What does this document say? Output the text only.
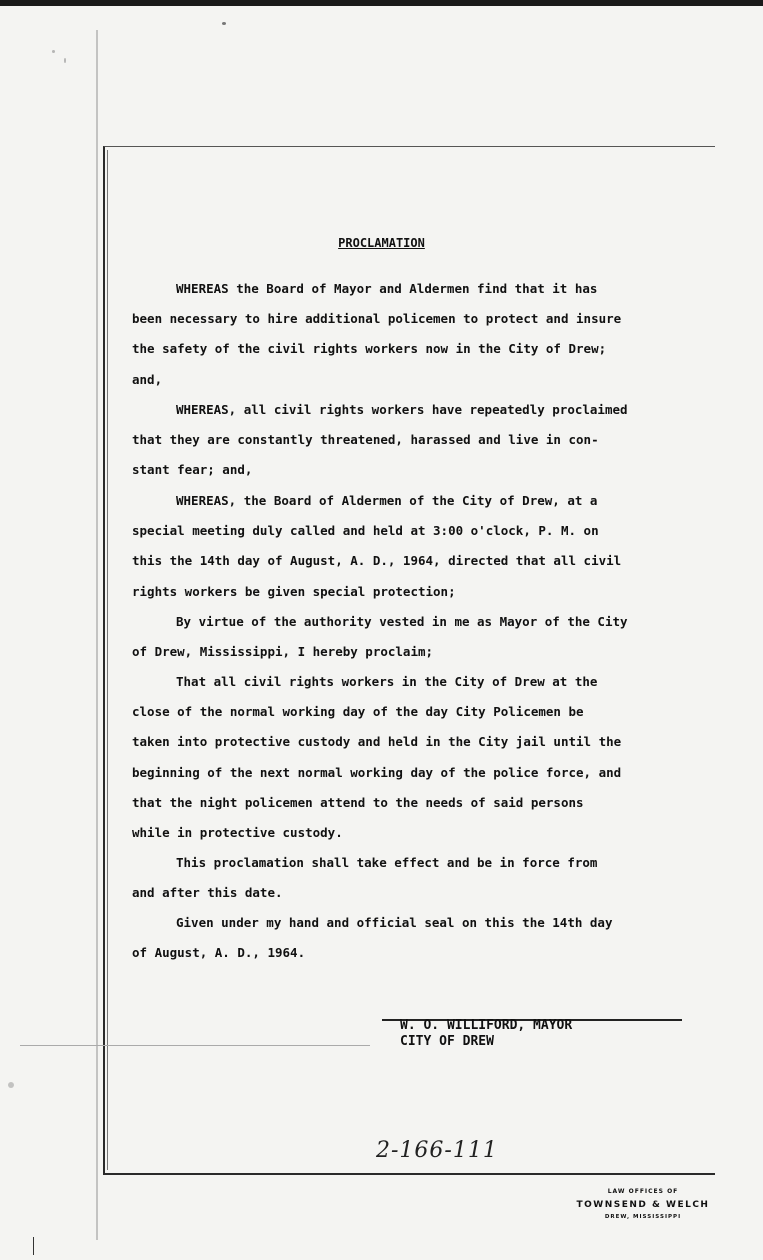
PROCLAMATION
WHEREAS the Board of Mayor and Aldermen find that it has
been necessary to hire additional policemen to protect and insure
the safety of the civil rights workers now in the City of Drew;
and,
WHEREAS, all civil rights workers have repeatedly proclaimed
that they are constantly threatened, harassed and live in con-
stant fear; and,
WHEREAS, the Board of Aldermen of the City of Drew, at a
special meeting duly called and held at 3:00 o'clock, P. M. on
this the 14th day of August, A. D., 1964, directed that all civil
rights workers be given special protection;
By virtue of the authority vested in me as Mayor of the City
of Drew, Mississippi, I hereby proclaim;
That all civil rights workers in the City of Drew at the
close of the normal working day of the day City Policemen be
taken into protective custody and held in the City jail until the
beginning of the next normal working day of the police force, and
that the night policemen attend to the needs of said persons
while in protective custody.
This proclamation shall take effect and be in force from
and after this date.
Given under my hand and official seal on this the 14th day
of August, A. D., 1964.
W. O. WILLIFORD, MAYOR
CITY OF DREW
2-166-111
LAW OFFICES OF
TOWNSEND & WELCH
DREW, MISSISSIPPI
